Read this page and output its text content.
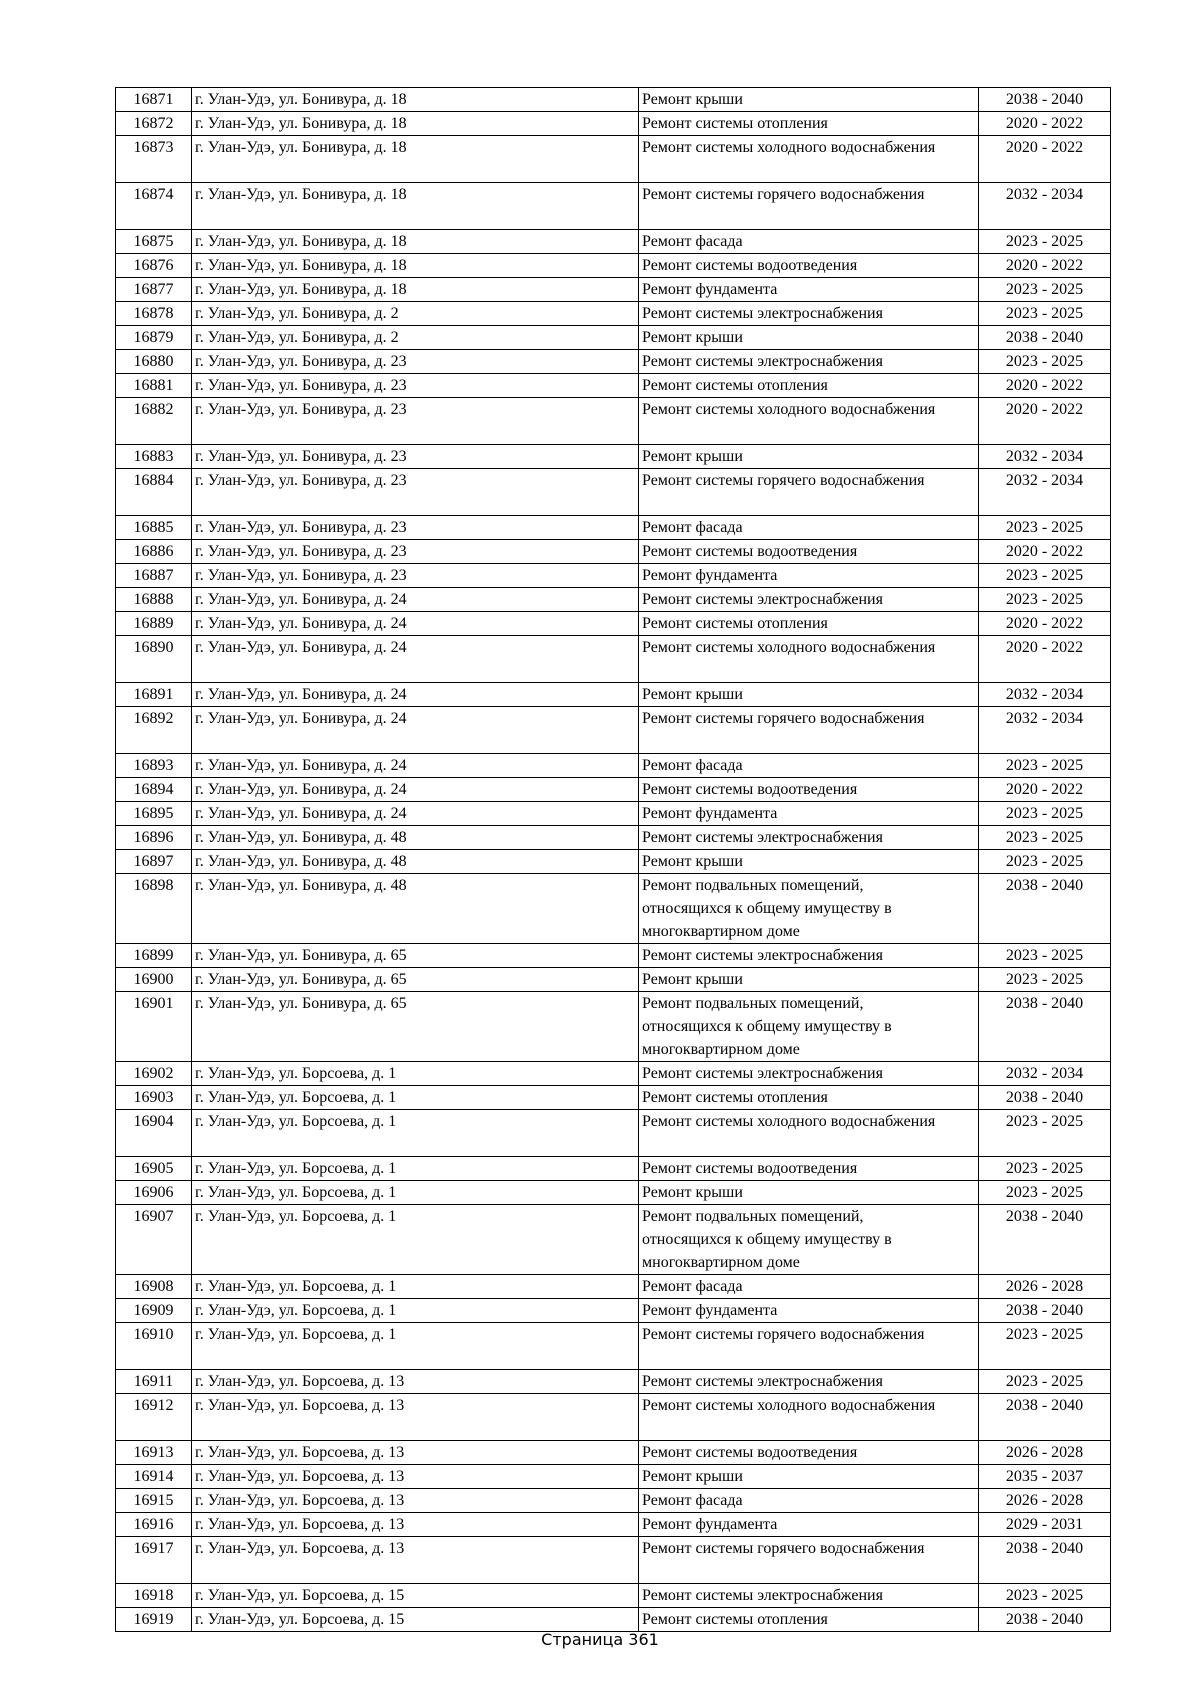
16871	г. Улан-Удэ, ул. Бонивура, д. 18	Ремонт крыши	2038 - 2040
16872	г. Улан-Удэ, ул. Бонивура, д. 18	Ремонт системы отопления	2020 - 2022
16873	г. Улан-Удэ, ул. Бонивура, д. 18	Ремонт системы холодного водоснабжения	2020 - 2022
16874	г. Улан-Удэ, ул. Бонивура, д. 18	Ремонт системы горячего водоснабжения	2032 - 2034
16875	г. Улан-Удэ, ул. Бонивура, д. 18	Ремонт фасада	2023 - 2025
16876	г. Улан-Удэ, ул. Бонивура, д. 18	Ремонт системы водоотведения	2020 - 2022
16877	г. Улан-Удэ, ул. Бонивура, д. 18	Ремонт фундамента	2023 - 2025
16878	г. Улан-Удэ, ул. Бонивура, д. 2	Ремонт системы электроснабжения	2023 - 2025
16879	г. Улан-Удэ, ул. Бонивура, д. 2	Ремонт крыши	2038 - 2040
16880	г. Улан-Удэ, ул. Бонивура, д. 23	Ремонт системы электроснабжения	2023 - 2025
16881	г. Улан-Удэ, ул. Бонивура, д. 23	Ремонт системы отопления	2020 - 2022
16882	г. Улан-Удэ, ул. Бонивура, д. 23	Ремонт системы холодного водоснабжения	2020 - 2022
16883	г. Улан-Удэ, ул. Бонивура, д. 23	Ремонт крыши	2032 - 2034
16884	г. Улан-Удэ, ул. Бонивура, д. 23	Ремонт системы горячего водоснабжения	2032 - 2034
16885	г. Улан-Удэ, ул. Бонивура, д. 23	Ремонт фасада	2023 - 2025
16886	г. Улан-Удэ, ул. Бонивура, д. 23	Ремонт системы водоотведения	2020 - 2022
16887	г. Улан-Удэ, ул. Бонивура, д. 23	Ремонт фундамента	2023 - 2025
16888	г. Улан-Удэ, ул. Бонивура, д. 24	Ремонт системы электроснабжения	2023 - 2025
16889	г. Улан-Удэ, ул. Бонивура, д. 24	Ремонт системы отопления	2020 - 2022
16890	г. Улан-Удэ, ул. Бонивура, д. 24	Ремонт системы холодного водоснабжения	2020 - 2022
16891	г. Улан-Удэ, ул. Бонивура, д. 24	Ремонт крыши	2032 - 2034
16892	г. Улан-Удэ, ул. Бонивура, д. 24	Ремонт системы горячего водоснабжения	2032 - 2034
16893	г. Улан-Удэ, ул. Бонивура, д. 24	Ремонт фасада	2023 - 2025
16894	г. Улан-Удэ, ул. Бонивура, д. 24	Ремонт системы водоотведения	2020 - 2022
16895	г. Улан-Удэ, ул. Бонивура, д. 24	Ремонт фундамента	2023 - 2025
16896	г. Улан-Удэ, ул. Бонивура, д. 48	Ремонт системы электроснабжения	2023 - 2025
16897	г. Улан-Удэ, ул. Бонивура, д. 48	Ремонт крыши	2023 - 2025
16898	г. Улан-Удэ, ул. Бонивура, д. 48	Ремонт подвальных помещений,
относящихся к общему имуществу в
многоквартирном доме	2038 - 2040
16899	г. Улан-Удэ, ул. Бонивура, д. 65	Ремонт системы электроснабжения	2023 - 2025
16900	г. Улан-Удэ, ул. Бонивура, д. 65	Ремонт крыши	2023 - 2025
16901	г. Улан-Удэ, ул. Бонивура, д. 65	Ремонт подвальных помещений,
относящихся к общему имуществу в
многоквартирном доме	2038 - 2040
16902	г. Улан-Удэ, ул. Борсоева, д. 1	Ремонт системы электроснабжения	2032 - 2034
16903	г. Улан-Удэ, ул. Борсоева, д. 1	Ремонт системы отопления	2038 - 2040
16904	г. Улан-Удэ, ул. Борсоева, д. 1	Ремонт системы холодного водоснабжения	2023 - 2025
16905	г. Улан-Удэ, ул. Борсоева, д. 1	Ремонт системы водоотведения	2023 - 2025
16906	г. Улан-Удэ, ул. Борсоева, д. 1	Ремонт крыши	2023 - 2025
16907	г. Улан-Удэ, ул. Борсоева, д. 1	Ремонт подвальных помещений,
относящихся к общему имуществу в
многоквартирном доме	2038 - 2040
16908	г. Улан-Удэ, ул. Борсоева, д. 1	Ремонт фасада	2026 - 2028
16909	г. Улан-Удэ, ул. Борсоева, д. 1	Ремонт фундамента	2038 - 2040
16910	г. Улан-Удэ, ул. Борсоева, д. 1	Ремонт системы горячего водоснабжения	2023 - 2025
16911	г. Улан-Удэ, ул. Борсоева, д. 13	Ремонт системы электроснабжения	2023 - 2025
16912	г. Улан-Удэ, ул. Борсоева, д. 13	Ремонт системы холодного водоснабжения	2038 - 2040
16913	г. Улан-Удэ, ул. Борсоева, д. 13	Ремонт системы водоотведения	2026 - 2028
16914	г. Улан-Удэ, ул. Борсоева, д. 13	Ремонт крыши	2035 - 2037
16915	г. Улан-Удэ, ул. Борсоева, д. 13	Ремонт фасада	2026 - 2028
16916	г. Улан-Удэ, ул. Борсоева, д. 13	Ремонт фундамента	2029 - 2031
16917	г. Улан-Удэ, ул. Борсоева, д. 13	Ремонт системы горячего водоснабжения	2038 - 2040
16918	г. Улан-Удэ, ул. Борсоева, д. 15	Ремонт системы электроснабжения	2023 - 2025
16919	г. Улан-Удэ, ул. Борсоева, д. 15	Ремонт системы отопления	2038 - 2040
Страница 361
